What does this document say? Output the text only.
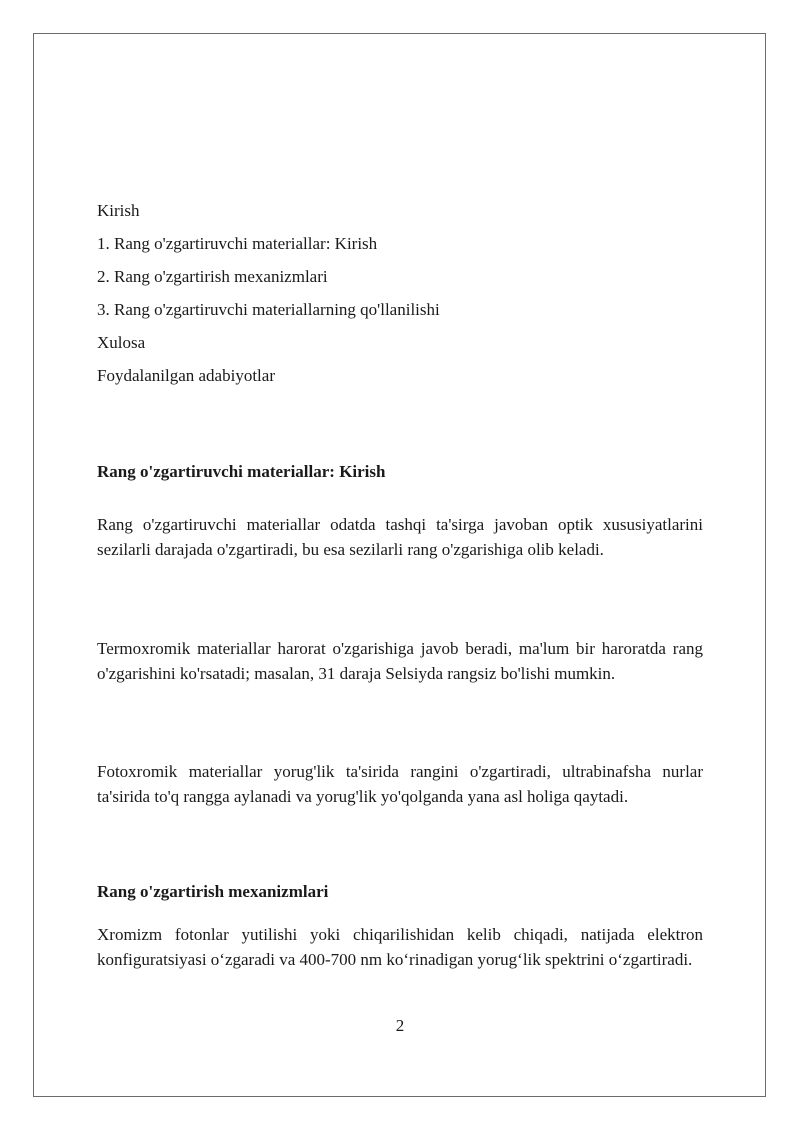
Kirish

1. Rang o'zgartiruvchi materiallar: Kirish

2. Rang o'zgartirish mexanizmlari

3. Rang o'zgartiruvchi materiallarning qo'llanilishi

Xulosa

Foydalanilgan adabiyotlar

Rang o'zgartiruvchi materiallar: Kirish

Rang o'zgartiruvchi materiallar odatda tashqi ta'sirga javoban optik xususiyatlarini sezilarli darajada o'zgartiradi, bu esa sezilarli rang o'zgarishiga olib keladi.

Termoxromik materiallar harorat o'zgarishiga javob beradi, ma'lum bir haroratda rang o'zgarishini ko'rsatadi; masalan, 31 daraja Selsiyda rangsiz bo'lishi mumkin.

Fotoxromik materiallar yorug'lik ta'sirida rangini o'zgartiradi, ultrabinafsha nurlar ta'sirida to'q rangga aylanadi va yorug'lik yo'qolganda yana asl holiga qaytadi.

Rang o'zgartirish mexanizmlari

Xromizm fotonlar yutilishi yoki chiqarilishidan kelib chiqadi, natijada elektron konfiguratsiyasi o‘zgaradi va 400-700 nm ko‘rinadigan yorug‘lik spektrini o‘zgartiradi.

2
